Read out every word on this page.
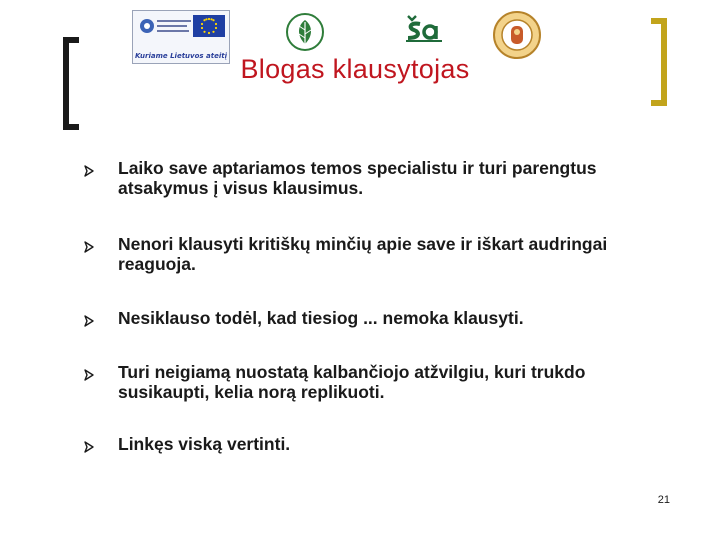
Kuriame Lietuvos ateitį Blogas klausytojas
Laiko save aptariamos temos specialistu ir turi parengtus atsakymus į visus klausimus.
Nenori klausyti kritiškų minčių apie save ir iškart audringai reaguoja.
Nesiklauso todėl, kad tiesiog ... nemoka klausyti.
Turi neigiamą nuostatą kalbančiojo atžvilgiu, kuri trukdo susikaupti, kelia norą replikuoti.
Linkęs viską vertinti.
21
